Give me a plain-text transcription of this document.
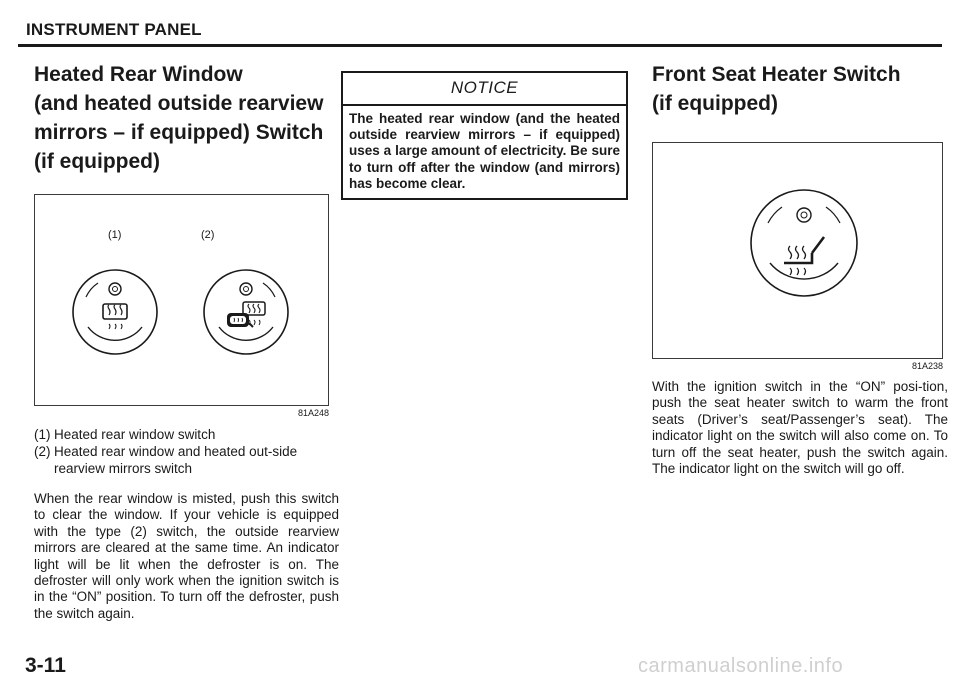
INSTRUMENT PANEL
Heated Rear Window
(and heated outside rearview
mirrors – if equipped) Switch
(if equipped)
(1)	(2)
81A248
(1) Heated rear window switch
(2) Heated rear window and heated out-side rearview mirrors switch

When the rear window is misted, push this switch to clear the window. If your vehicle is equipped with the type (2) switch, the outside rearview mirrors are cleared at the same time. An indicator light will be lit when the defroster is on. The defroster will only work when the ignition switch is in the “ON” position. To turn off the defroster, push the switch again.

NOTICE
The heated rear window (and the heated outside rearview mirrors – if equipped) uses a large amount of electricity. Be sure to turn off after the window (and mirrors) has become clear.
Front Seat Heater Switch
(if equipped)
81A238

With the ignition switch in the “ON” posi-tion, push the seat heater switch to warm the front seats (Driver’s seat/Passenger’s seat). The indicator light on the switch will also come on. To turn off the seat heater, push the switch again. The indicator light on the switch will go off.

3-11	carmanualsonline.info
